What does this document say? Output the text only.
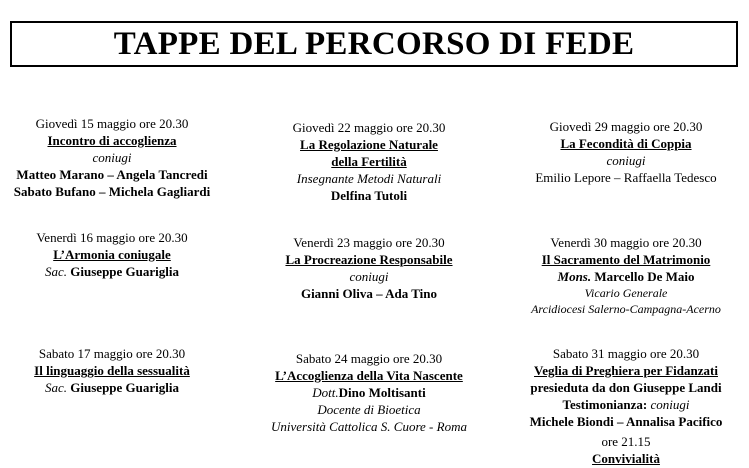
TAPPE DEL PERCORSO DI FEDE
Giovedì 15 maggio ore 20.30
Incontro di accoglienza
coniugi
Matteo Marano – Angela Tancredi
Sabato Bufano – Michela Gagliardi
Venerdì 16 maggio ore 20.30
L’Armonia coniugale
Sac. Giuseppe Guariglia
Sabato 17 maggio ore 20.30
Il linguaggio della sessualità
Sac. Giuseppe Guariglia
Giovedì 22 maggio ore 20.30
La Regolazione Naturale
della Fertilità
Insegnante Metodi Naturali
Delfina Tutoli
Venerdì 23 maggio ore 20.30
La Procreazione Responsabile
coniugi
Gianni Oliva – Ada Tino
Sabato 24 maggio ore 20.30
L’Accoglienza della Vita Nascente
Dott.Dino Moltisanti
Docente di Bioetica
Università Cattolica S. Cuore - Roma
Giovedì 29 maggio ore 20.30
La Fecondità di Coppia
coniugi
Emilio Lepore – Raffaella Tedesco
Venerdì 30 maggio ore 20.30
Il Sacramento del Matrimonio
Mons. Marcello De Maio
Vicario Generale
Arcidiocesi Salerno-Campagna-Acerno
Sabato 31 maggio ore 20.30
Veglia di Preghiera per Fidanzati
presieduta da don Giuseppe Landi
Testimonianza: coniugi
Michele Biondi – Annalisa Pacifico
ore 21.15
Convivialità
